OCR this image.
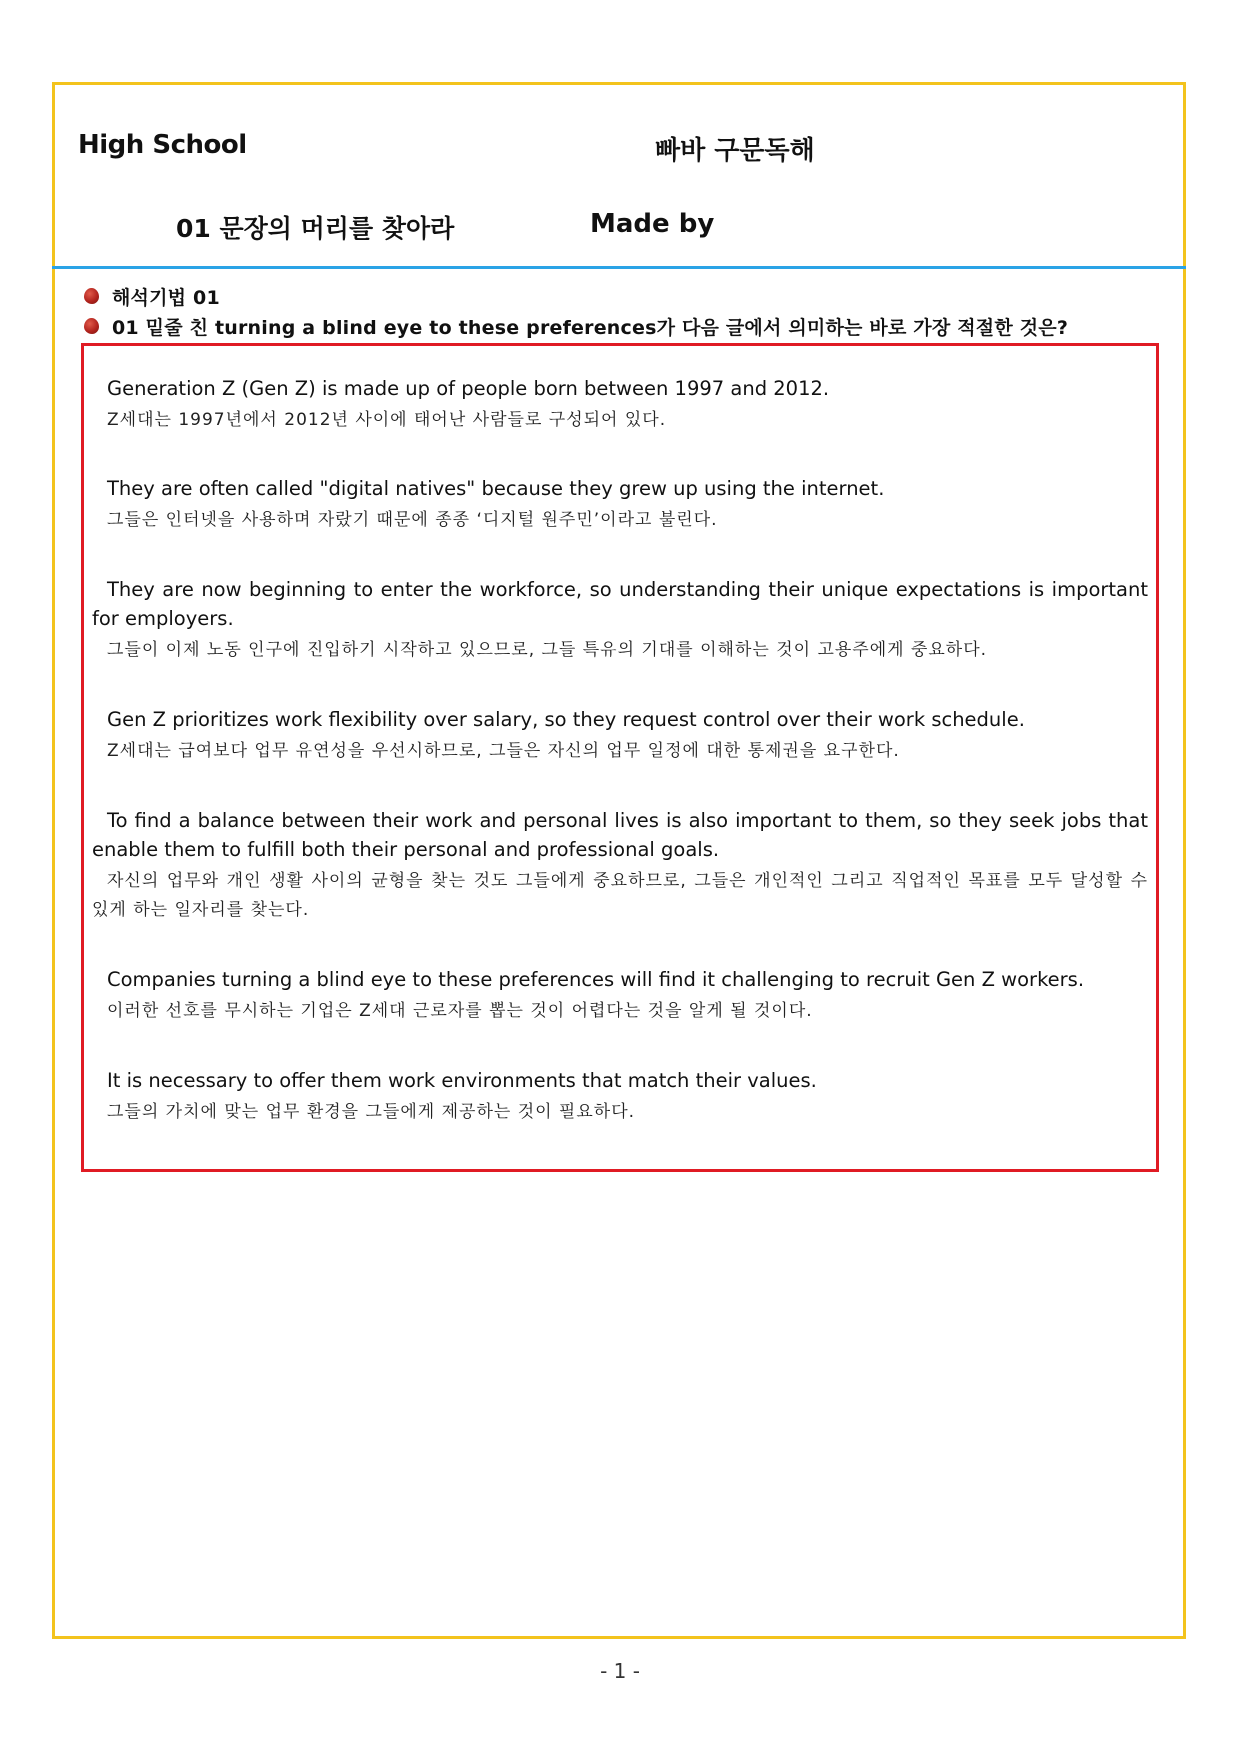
High School	빠바 구문독해
01 문장의 머리를 찾아라	Made by
해석기법 01
01 밑줄 친 turning a blind eye to these preferences가 다음 글에서 의미하는 바로 가장 적절한 것은?
Generation Z (Gen Z) is made up of people born between 1997 and 2012.
Z세대는 1997년에서 2012년 사이에 태어난 사람들로 구성되어 있다.
They are often called "digital natives" because they grew up using the internet.
그들은 인터넷을 사용하며 자랐기 때문에 종종 ‘디지털 원주민’이라고 불린다.
They are now beginning to enter the workforce, so understanding their unique expectations is important for employers.
그들이 이제 노동 인구에 진입하기 시작하고 있으므로, 그들 특유의 기대를 이해하는 것이 고용주에게 중요하다.
Gen Z prioritizes work flexibility over salary, so they request control over their work schedule.
Z세대는 급여보다 업무 유연성을 우선시하므로, 그들은 자신의 업무 일정에 대한 통제권을 요구한다.
To find a balance between their work and personal lives is also important to them, so they seek jobs that enable them to fulfill both their personal and professional goals.
자신의 업무와 개인 생활 사이의 균형을 찾는 것도 그들에게 중요하므로, 그들은 개인적인 그리고 직업적인 목표를 모두 달성할 수 있게 하는 일자리를 찾는다.
Companies turning a blind eye to these preferences will find it challenging to recruit Gen Z workers.
이러한 선호를 무시하는 기업은 Z세대 근로자를 뽑는 것이 어렵다는 것을 알게 될 것이다.
It is necessary to offer them work environments that match their values.
그들의 가치에 맞는 업무 환경을 그들에게 제공하는 것이 필요하다.
- 1 -
